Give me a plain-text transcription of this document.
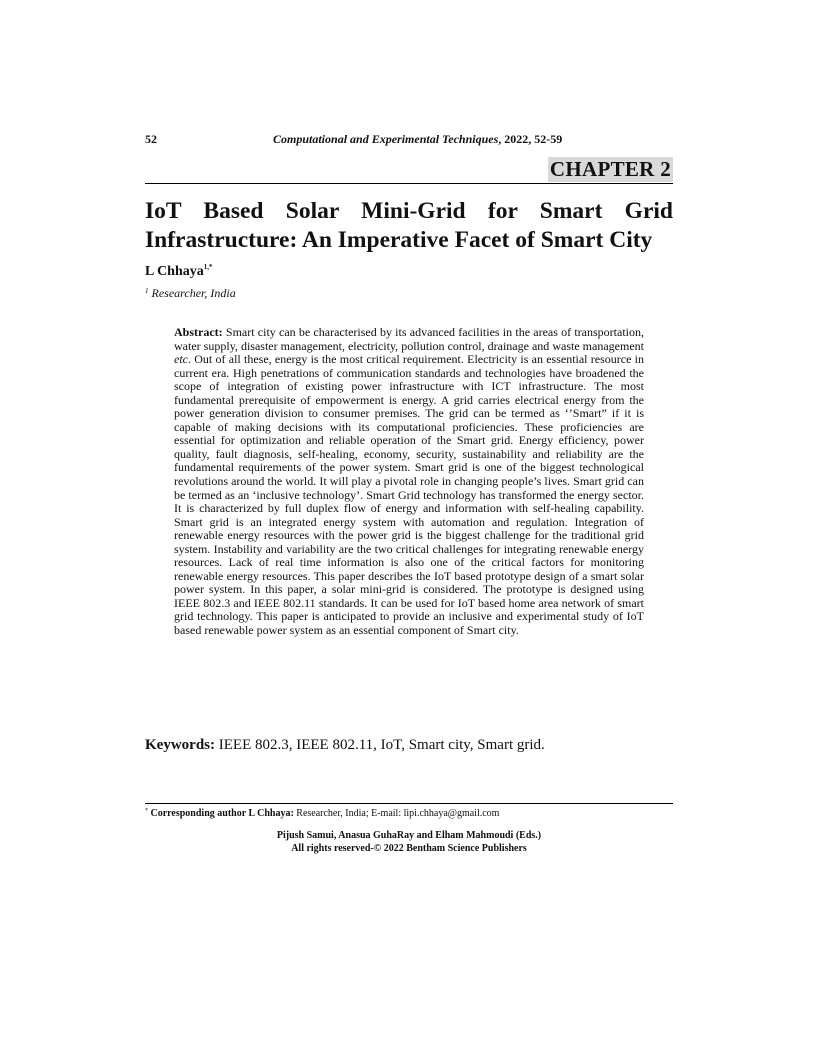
52	Computational and Experimental Techniques, 2022, 52-59
CHAPTER 2
IoT Based Solar Mini-Grid for Smart Grid
Infrastructure: An Imperative Facet of Smart City
L Chhaya$^{1,*}$
$^1$ Researcher, India

Abstract: Smart city can be characterised by its advanced facilities in the areas of transportation, water supply, disaster management, electricity, pollution control, drainage and waste management etc. Out of all these, energy is the most critical requirement. Electricity is an essential resource in current era. High penetrations of communication standards and technologies have broadened the scope of integration of existing power infrastructure with ICT infrastructure. The most fundamental prerequisite of empowerment is energy. A grid carries electrical energy from the power generation division to consumer premises. The grid can be termed as ‘’Smart” if it is capable of making decisions with its computational proficiencies. These proficiencies are essential for optimization and reliable operation of the Smart grid. Energy efficiency, power quality, fault diagnosis, self-healing, economy, security, sustainability and reliability are the fundamental requirements of the power system. Smart grid is one of the biggest technological revolutions around the world. It will play a pivotal role in changing people’s lives. Smart grid can be termed as an ‘inclusive technology’. Smart Grid technology has transformed the energy sector. It is characterized by full duplex flow of energy and information with self-healing capability. Smart grid is an integrated energy system with automation and regulation. Integration of renewable energy resources with the power grid is the biggest challenge for the traditional grid system. Instability and variability are the two critical challenges for integrating renewable energy resources. Lack of real time information is also one of the critical factors for monitoring renewable energy resources. This paper describes the IoT based prototype design of a smart solar power system. In this paper, a solar mini-grid is considered. The prototype is designed using IEEE 802.3 and IEEE 802.11 standards. It can be used for IoT based home area network of smart grid technology. This paper is anticipated to provide an inclusive and experimental study of IoT based renewable power system as an essential component of Smart city.

Keywords: IEEE 802.3, IEEE 802.11, IoT, Smart city, Smart grid.
* Corresponding author L Chhaya: Researcher, India; E-mail: lipi.chhaya@gmail.com
Pijush Samui, Anasua GuhaRay and Elham Mahmoudi (Eds.)
All rights reserved-© 2022 Bentham Science Publishers
